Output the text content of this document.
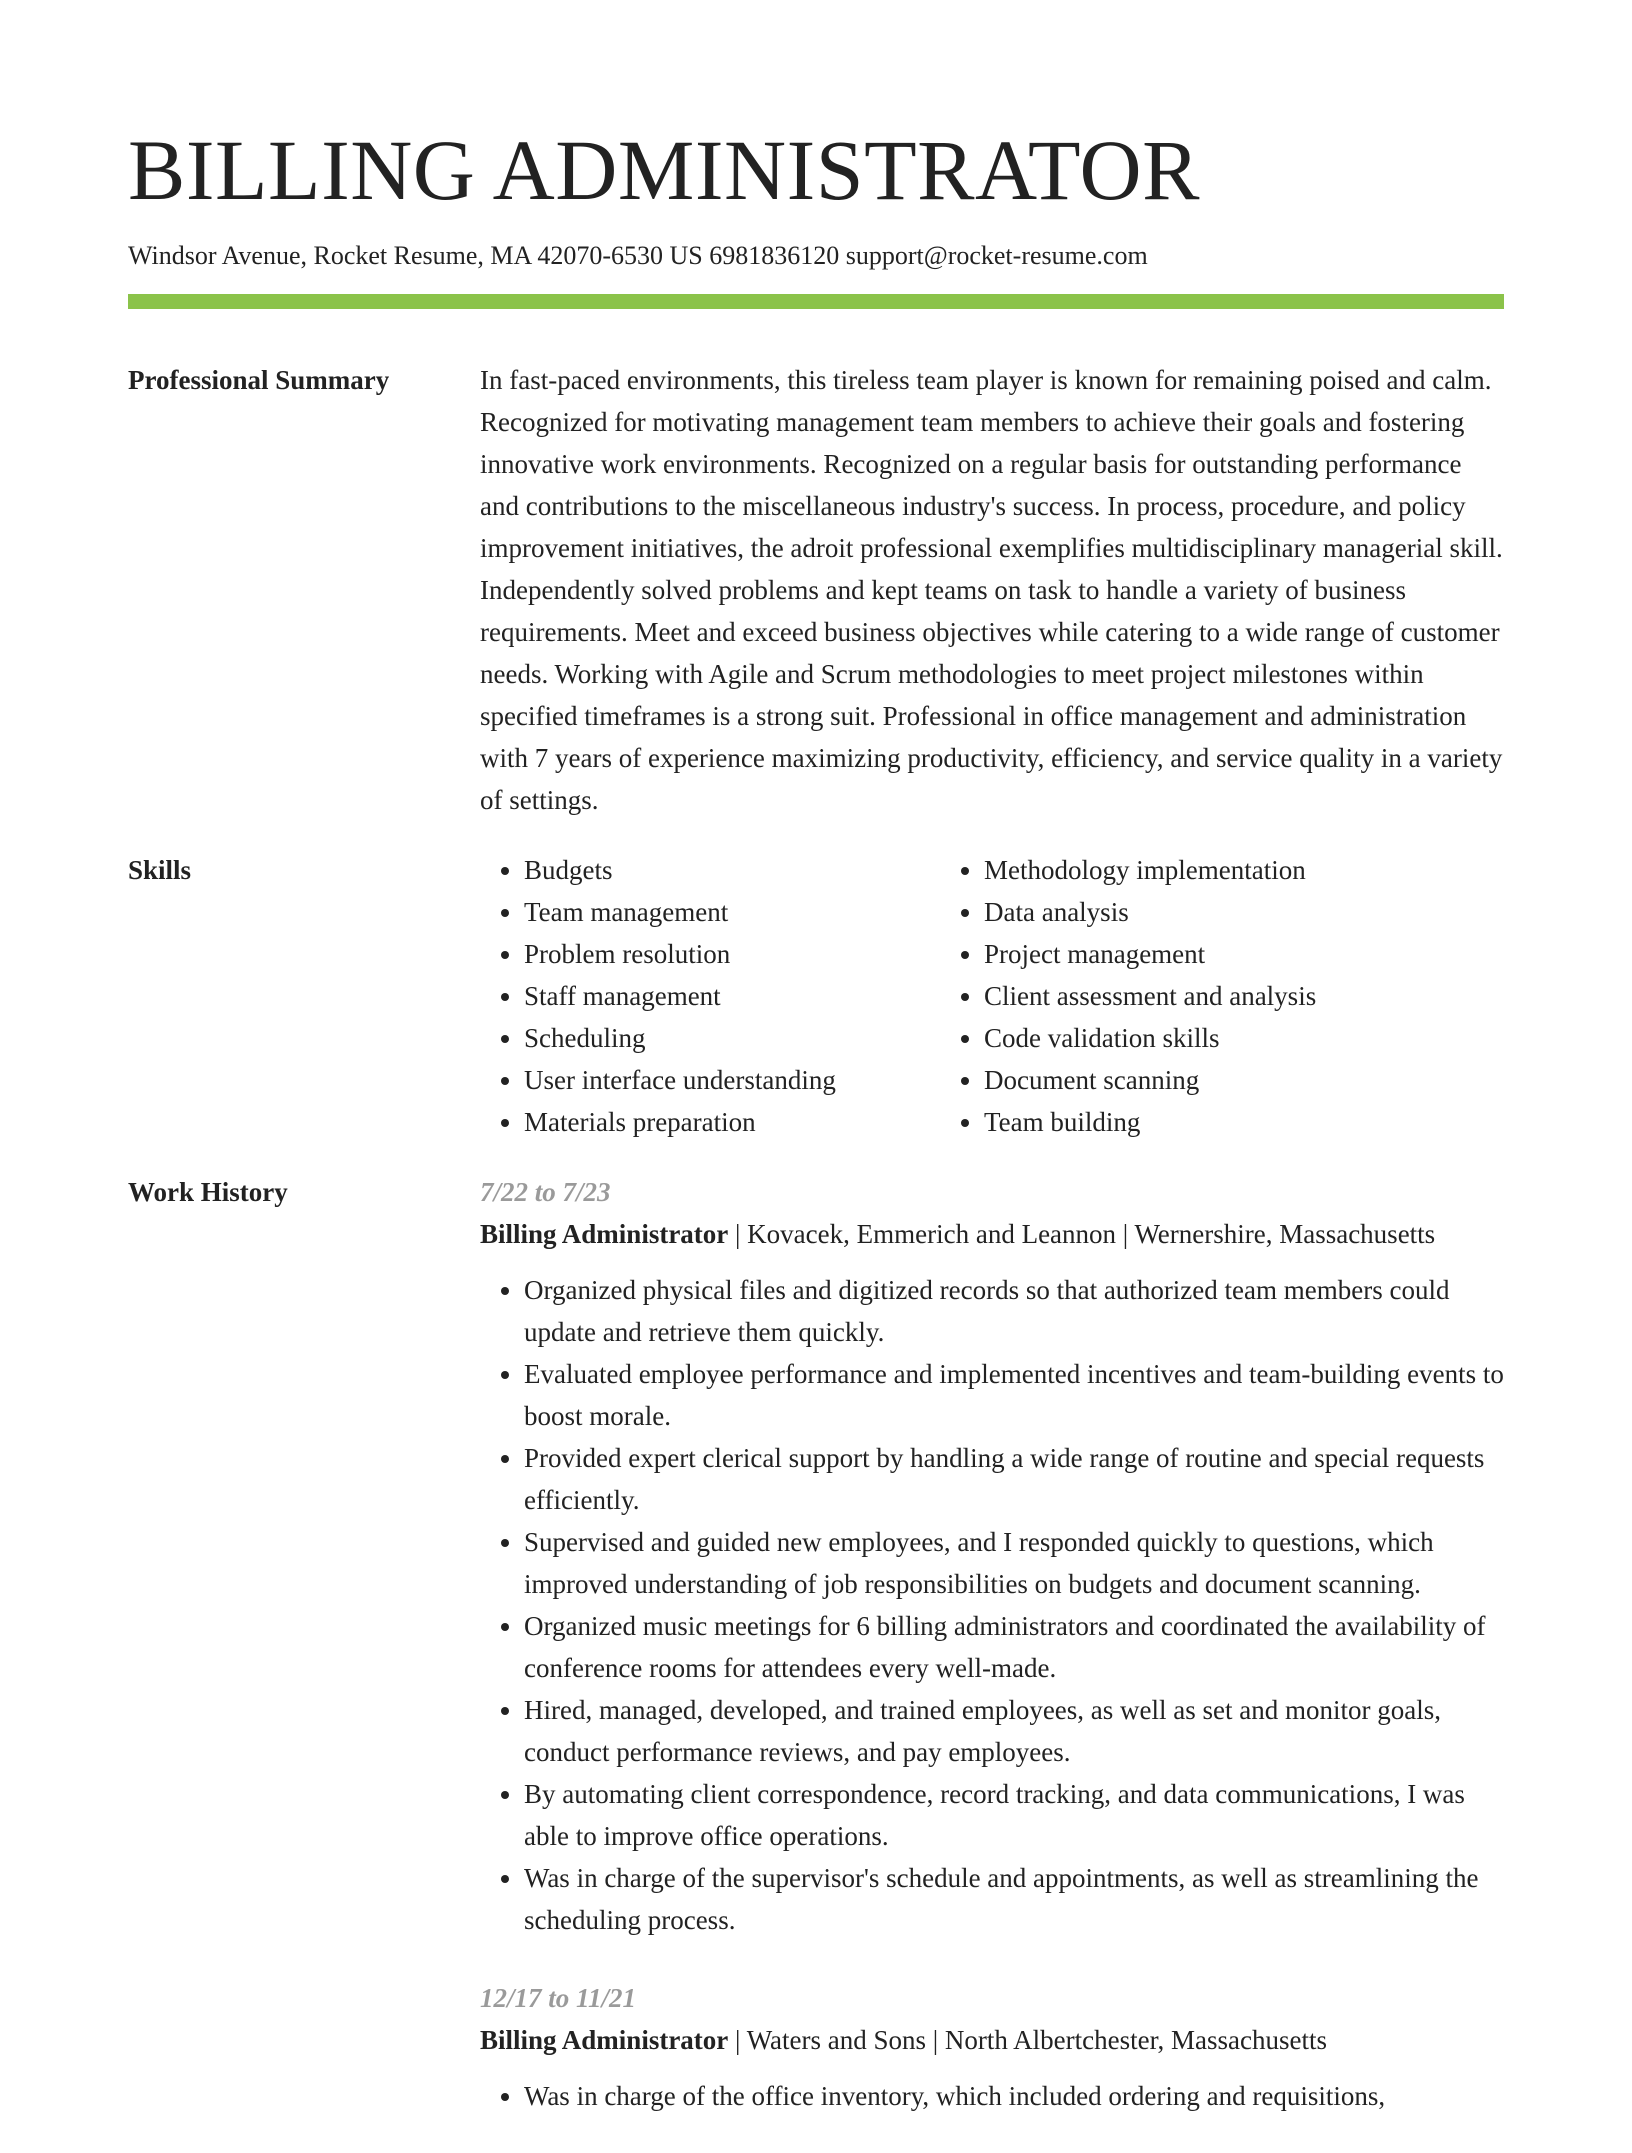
BILLING ADMINISTRATOR
Windsor Avenue, Rocket Resume, MA 42070-6530 US 6981836120 support@rocket-resume.com
Professional Summary	In fast-paced environments, this tireless team player is known for remaining poised and calm. Recognized for motivating management team members to achieve their goals and fostering innovative work environments. Recognized on a regular basis for outstanding performance and contributions to the miscellaneous industry's success. In process, procedure, and policy improvement initiatives, the adroit professional exemplifies multidisciplinary managerial skill. Independently solved problems and kept teams on task to handle a variety of business requirements. Meet and exceed business objectives while catering to a wide range of customer needs. Working with Agile and Scrum methodologies to meet project milestones within specified timeframes is a strong suit. Professional in office management and administration with 7 years of experience maximizing productivity, efficiency, and service quality in a variety of settings.

Skills
•	Budgets
• Team management
• Problem resolution
• Staff management
• Scheduling
• User interface understanding
• Materials preparation
• Methodology implementation
• Data analysis
• Project management
• Client assessment and analysis
• Code validation skills
• Document scanning
• Team building
Work History	7/22 to 7/23
Billing Administrator | Kovacek, Emmerich and Leannon | Wernershire, Massachusetts
• Organized physical files and digitized records so that authorized team members could update and retrieve them quickly.
• Evaluated employee performance and implemented incentives and team-building events to boost morale.
• Provided expert clerical support by handling a wide range of routine and special requests efficiently.
• Supervised and guided new employees, and I responded quickly to questions, which improved understanding of job responsibilities on budgets and document scanning.
• Organized music meetings for 6 billing administrators and coordinated the availability of conference rooms for attendees every well-made.
• Hired, managed, developed, and trained employees, as well as set and monitor goals, conduct performance reviews, and pay employees.
• By automating client correspondence, record tracking, and data communications, I was able to improve office operations.
• Was in charge of the supervisor's schedule and appointments, as well as streamlining the scheduling process.
12/17 to 11/21
Billing Administrator | Waters and Sons | North Albertchester, Massachusetts
• Was in charge of the office inventory, which included ordering and requisitions,
